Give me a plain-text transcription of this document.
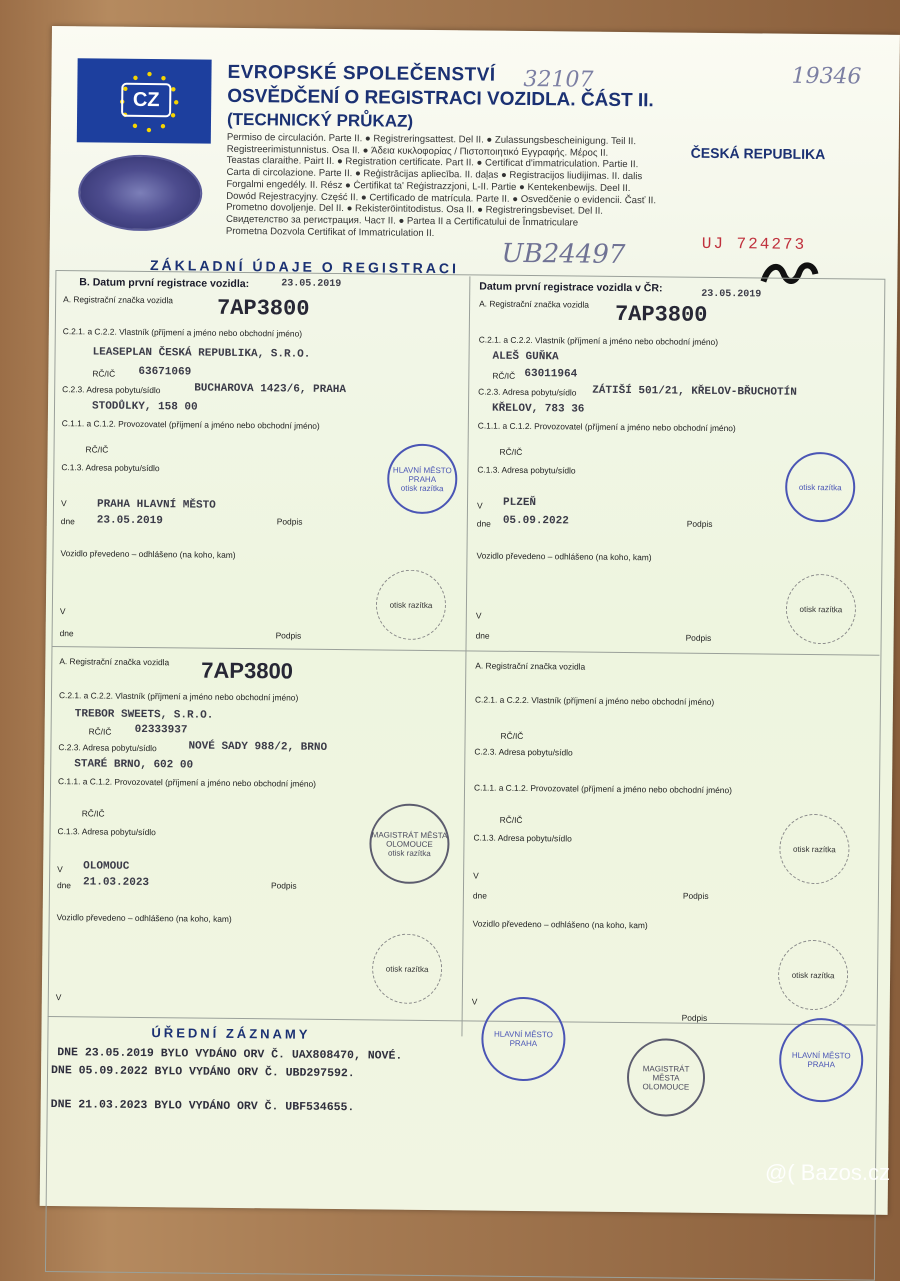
CZ
EVROPSKÉ SPOLEČENSTVÍ
OSVĚDČENÍ O REGISTRACI VOZIDLA. ČÁST II.
(TECHNICKÝ PRŮKAZ)
Permiso de circulación. Parte II. ● Registreringsattest. Del II. ● Zulassungsbescheinigung. Teil II.
Registreerimistunnistus. Osa II. ● Άδεια κυκλοφορίας / Πιστοποιητικό Εγγραφής. Μέρος II.
Teastas claraithe. Pairt II. ● Registration certificate. Part II. ● Certificat d'immatriculation. Partie II.
Carta di circolazione. Parte II. ● Reģistrācijas apliecība. II. daļas ● Registracijos liudijimas. II. dalis
Forgalmi engedély. II. Rész ● Ċertifikat ta' Reġistrazzjoni, L-II. Partie ● Kentekenbewijs. Deel II.
Dowód Rejestracyjny. Część II. ● Certificado de matrícula. Parte II. ● Osvedčenie o evidencii. Časť II.
Prometno dovoljenje. Del II. ● Rekisteröintitodistus. Osa II. ● Registreringsbeviset. Del II.
Свидетелство за регистрация. Част II. ● Partea II a Certificatului de Înmatriculare
Prometna Dozvola Certifikat of Immatriculation II.
32107	19346
UB24497
ČESKÁ REPUBLIKA
UJ 724273
ZÁKLADNÍ ÚDAJE O REGISTRACI
B. Datum první registrace vozidla:	23.05.2019
A. Registrační značka vozidla 7AP3800
C.2.1. a C.2.2. Vlastník (příjmení a jméno nebo obchodní jméno)
LEASEPLAN ČESKÁ REPUBLIKA, S.R.O.
RČ/IČ 63671069
C.2.3. Adresa pobytu/sídlo	BUCHAROVA 1423/6, PRAHA
STODŮLKY, 158 00
C.1.1. a C.1.2. Provozovatel (příjmení a jméno nebo obchodní jméno)
RČ/IČ
C.1.3. Adresa pobytu/sídlo
V	PRAHA HLAVNÍ MĚSTO
dne 23.05.2019	Podpis
HLAVNÍ MĚSTO PRAHA
otisk razítka
Vozidlo převedeno – odhlášeno (na koho, kam)
otisk razítka
V
dne	Podpis
Datum první registrace vozidla v ČR:
23.05.2019
A. Registrační značka vozidla 7AP3800
C.2.1. a C.2.2. Vlastník (příjmení a jméno nebo obchodní jméno)
ALEŠ GUŇKA
RČ/IČ 63011964
C.2.3. Adresa pobytu/sídlo ZÁTIŠÍ 501/21, KŘELOV-BŘUCHOTÍN
KŘELOV, 783 36
C.1.1. a C.1.2. Provozovatel (příjmení a jméno nebo obchodní jméno)
RČ/IČ
C.1.3. Adresa pobytu/sídlo
V PLZEŇ
dne 05.09.2022	Podpis
otisk razítka
Vozidlo převedeno – odhlášeno (na koho, kam)
otisk razítka
V
dne	Podpis
A. Registrační značka vozidla 7AP3800
C.2.1. a C.2.2. Vlastník (příjmení a jméno nebo obchodní jméno)
TREBOR SWEETS, S.R.O.
RČ/IČ 02333937
C.2.3. Adresa pobytu/sídlo	NOVÉ SADY 988/2, BRNO
STARÉ BRNO, 602 00
C.1.1. a C.1.2. Provozovatel (příjmení a jméno nebo obchodní jméno)
RČ/IČ
C.1.3. Adresa pobytu/sídlo
V OLOMOUC
dne 21.03.2023	Podpis
MAGISTRÁT MĚSTA OLOMOUCE
otisk razítka
Vozidlo převedeno – odhlášeno (na koho, kam)
otisk razítka
V
A. Registrační značka vozidla
C.2.1. a C.2.2. Vlastník (příjmení a jméno nebo obchodní jméno)
RČ/IČ
C.2.3. Adresa pobytu/sídlo
C.1.1. a C.1.2. Provozovatel (příjmení a jméno nebo obchodní jméno)
RČ/IČ
C.1.3. Adresa pobytu/sídlo
otisk razítka
V
dne	Podpis
Vozidlo převedeno – odhlášeno (na koho, kam)
otisk razítka
V
Podpis
ÚŘEDNÍ ZÁZNAMY
DNE 23.05.2019 BYLO VYDÁNO ORV Č. UAX808470, NOVÉ.
DNE 05.09.2022 BYLO VYDÁNO ORV Č. UBD297592.
DNE 21.03.2023 BYLO VYDÁNO ORV Č. UBF534655.
HLAVNÍ MĚSTO PRAHA
MAGISTRÁT MĚSTA OLOMOUCE
HLAVNÍ MĚSTO PRAHA
@( Bazos.cz
